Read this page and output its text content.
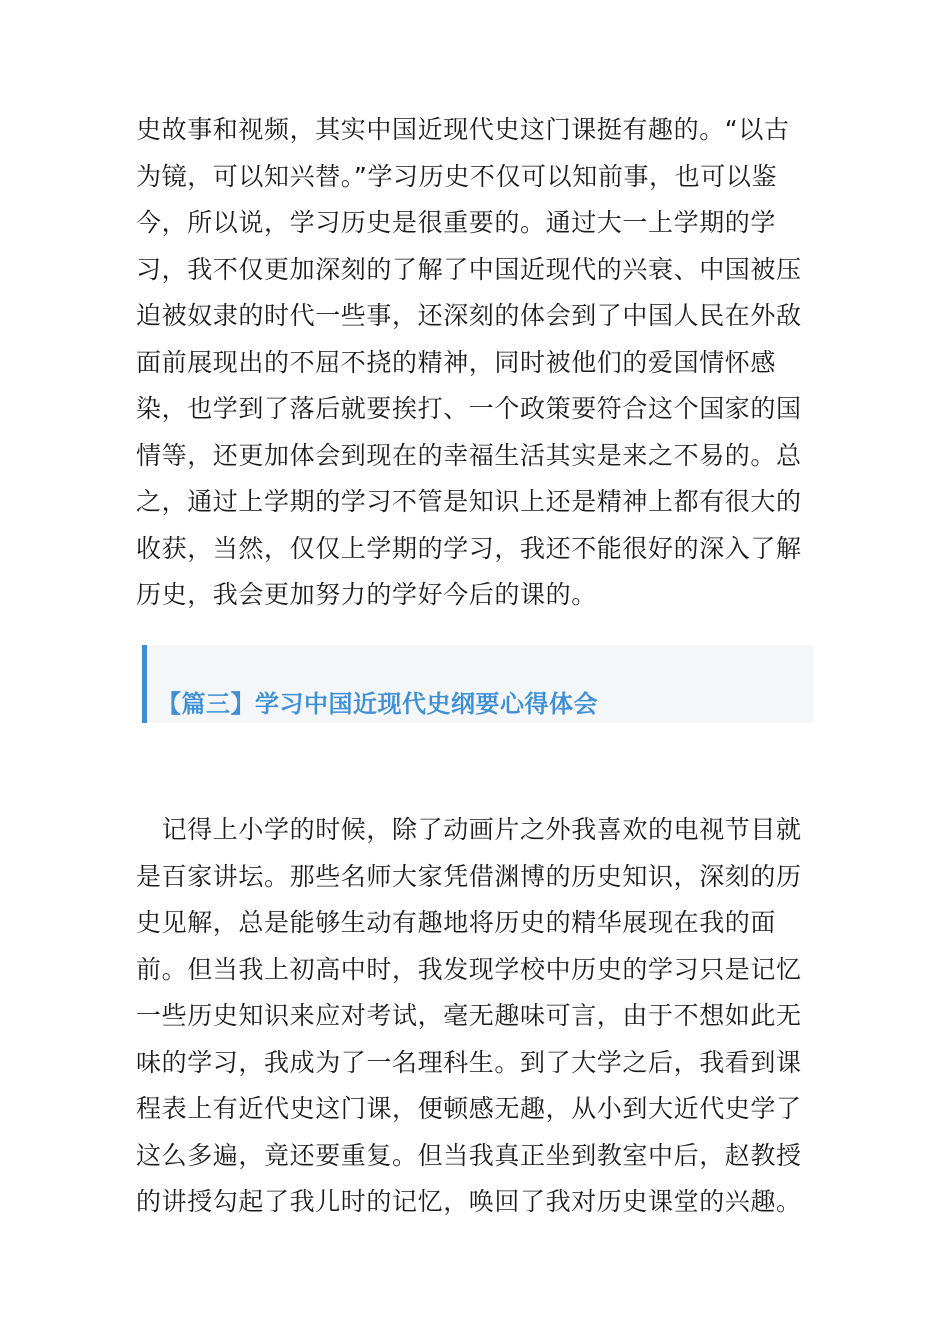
史故事和视频，其实中国近现代史这门课挺有趣的。“以古
为镜，可以知兴替。”学习历史不仅可以知前事，也可以鉴
今，所以说，学习历史是很重要的。通过大一上学期的学
习，我不仅更加深刻的了解了中国近现代的兴衰、中国被压
迫被奴隶的时代一些事，还深刻的体会到了中国人民在外敌
面前展现出的不屈不挠的精神，同时被他们的爱国情怀感
染，也学到了落后就要挨打、一个政策要符合这个国家的国
情等，还更加体会到现在的幸福生活其实是来之不易的。总
之，通过上学期的学习不管是知识上还是精神上都有很大的
收获，当然，仅仅上学期的学习，我还不能很好的深入了解
历史，我会更加努力的学好今后的课的。

【篇三】学习中国近现代史纲要心得体会

　记得上小学的时候，除了动画片之外我喜欢的电视节目就
是百家讲坛。那些名师大家凭借渊博的历史知识，深刻的历
史见解，总是能够生动有趣地将历史的精华展现在我的面
前。但当我上初高中时，我发现学校中历史的学习只是记忆
一些历史知识来应对考试，毫无趣味可言，由于不想如此无
味的学习，我成为了一名理科生。到了大学之后，我看到课
程表上有近代史这门课，便顿感无趣，从小到大近代史学了
这么多遍，竟还要重复。但当我真正坐到教室中后，赵教授
的讲授勾起了我儿时的记忆，唤回了我对历史课堂的兴趣。
